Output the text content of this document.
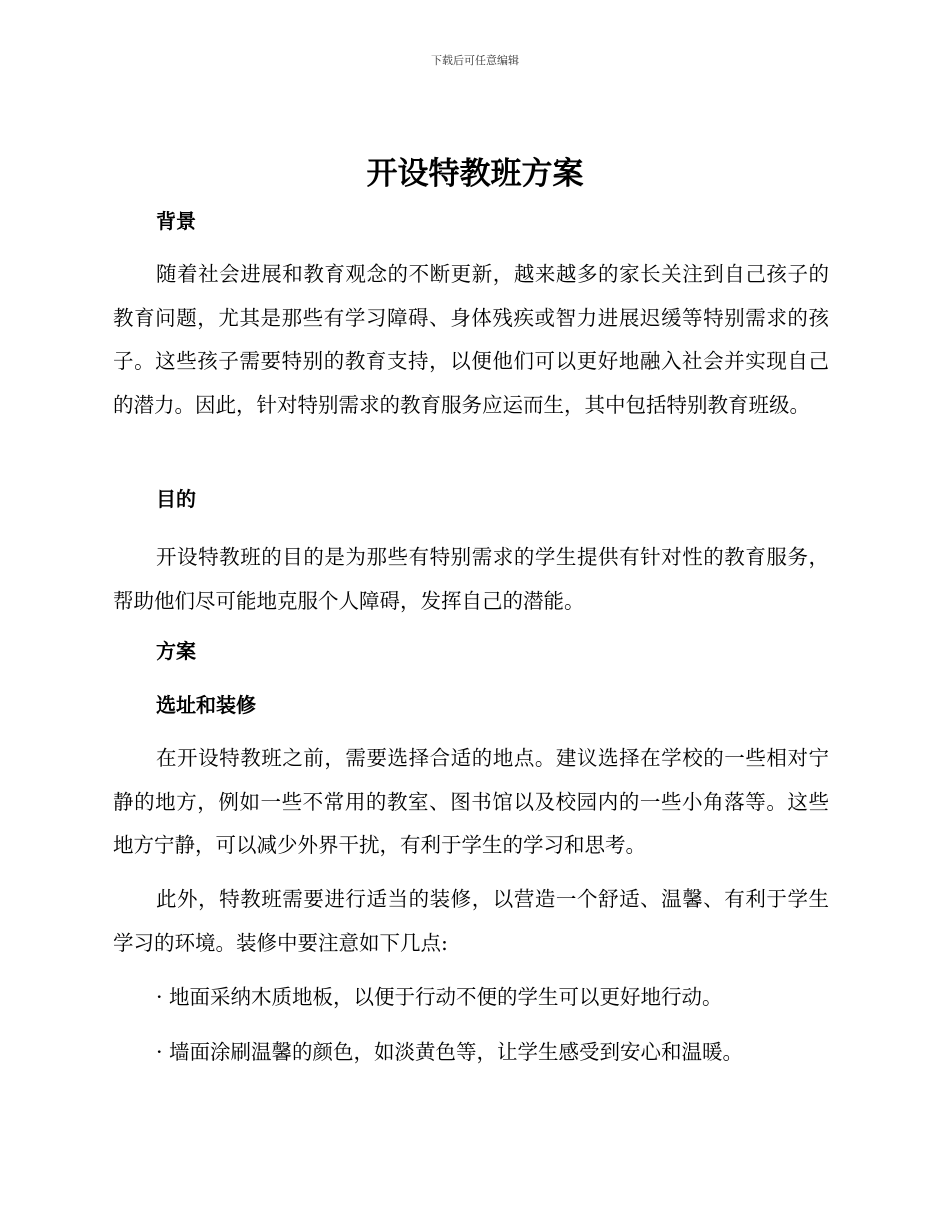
下载后可任意编辑
开设特教班方案
背景

随着社会进展和教育观念的不断更新，越来越多的家长关注到自己孩子的教育问题，尤其是那些有学习障碍、身体残疾或智力进展迟缓等特别需求的孩子。这些孩子需要特别的教育支持，以便他们可以更好地融入社会并实现自己的潜力。因此，针对特别需求的教育服务应运而生，其中包括特别教育班级。

目的

开设特教班的目的是为那些有特别需求的学生提供有针对性的教育服务，帮助他们尽可能地克服个人障碍，发挥自己的潜能。

方案
选址和装修

在开设特教班之前，需要选择合适的地点。建议选择在学校的一些相对宁静的地方，例如一些不常用的教室、图书馆以及校园内的一些小角落等。这些地方宁静，可以减少外界干扰，有利于学生的学习和思考。

此外，特教班需要进行适当的装修，以营造一个舒适、温馨、有利于学生学习的环境。装修中要注意如下几点:

· 地面采纳木质地板，以便于行动不便的学生可以更好地行动。
· 墙面涂刷温馨的颜色，如淡黄色等，让学生感受到安心和温暖。
